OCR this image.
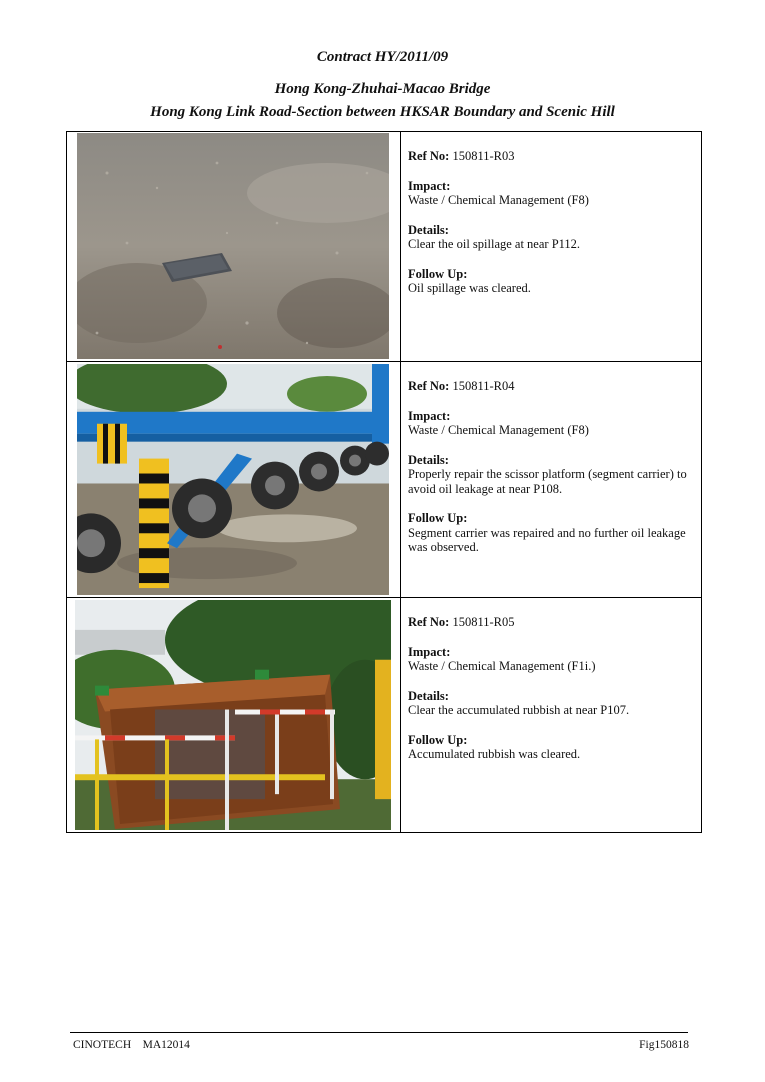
Contract HY/2011/09
Hong Kong-Zhuhai-Macao Bridge
Hong Kong Link Road-Section between HKSAR Boundary and Scenic Hill
Ref No: 150811-R03
Impact:
Waste / Chemical Management (F8)
Details:
Clear the oil spillage at near P112.
Follow Up:
Oil spillage was cleared.
Ref No: 150811-R04
Impact:
Waste / Chemical Management (F8)
Details:
Properly repair the scissor platform (segment carrier) to avoid oil leakage at near P108.
Follow Up:
Segment carrier was repaired and no further oil leakage was observed.
Ref No: 150811-R05
Impact:
Waste / Chemical Management (F1i.)
Details:
Clear the accumulated rubbish at near P107.
Follow Up:
Accumulated rubbish was cleared.
CINOTECH    MA12014	Fig150818
